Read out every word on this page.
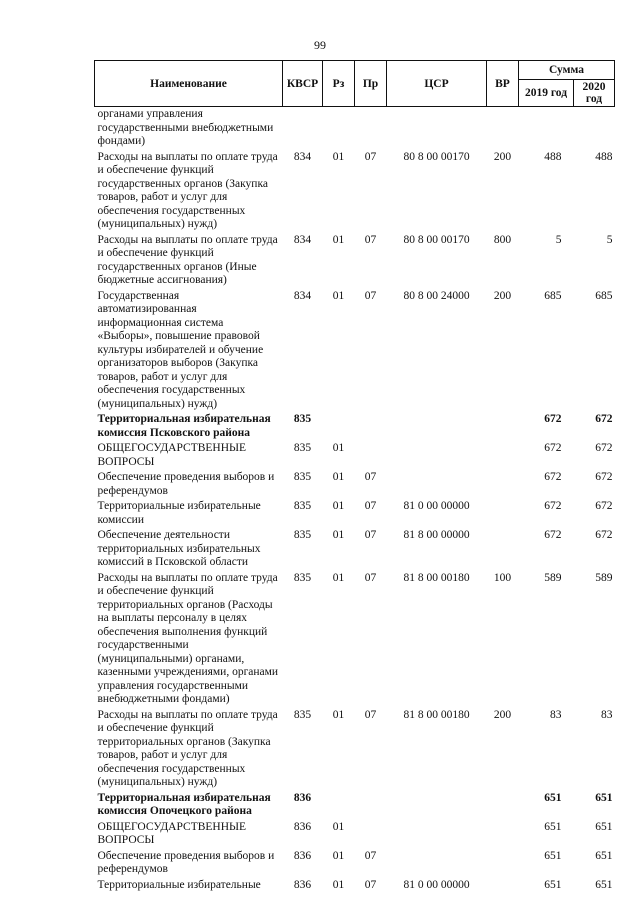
99
Наименование	КВСР	Рз	Пр	ЦСР	ВР	Сумма	
						2019 год	2020 год
органами управления государственными внебюджетными фондами)							
Расходы на выплаты по оплате труда и обеспечение функций государственных органов (Закупка товаров, работ и услуг для обеспечения государственных (муниципальных) нужд)	834	01	07	80 8 00 00170	200	488	488
Расходы на выплаты по оплате труда и обеспечение функций государственных органов (Иные бюджетные ассигнования)	834	01	07	80 8 00 00170	800	5	5
Государственная автоматизированная информационная система «Выборы», повышение правовой культуры избирателей и обучение организаторов выборов (Закупка товаров, работ и услуг для обеспечения государственных (муниципальных) нужд)	834	01	07	80 8 00 24000	200	685	685
Территориальная избирательная комиссия Псковского района	835					672	672
ОБЩЕГОСУДАРСТВЕННЫЕ ВОПРОСЫ	835	01				672	672
Обеспечение проведения выборов и референдумов	835	01	07			672	672
Территориальные избирательные комиссии	835	01	07	81 0 00 00000		672	672
Обеспечение деятельности территориальных избирательных комиссий в Псковской области	835	01	07	81 8 00 00000		672	672
Расходы на выплаты по оплате труда и обеспечение функций территориальных органов (Расходы на выплаты персоналу в целях обеспечения выполнения функций государственными (муниципальными) органами, казенными учреждениями, органами управления государственными внебюджетными фондами)	835	01	07	81 8 00 00180	100	589	589
Расходы на выплаты по оплате труда и обеспечение функций территориальных органов (Закупка товаров, работ и услуг для обеспечения государственных (муниципальных) нужд)	835	01	07	81 8 00 00180	200	83	83
Территориальная избирательная комиссия Опочецкого района	836					651	651
ОБЩЕГОСУДАРСТВЕННЫЕ ВОПРОСЫ	836	01				651	651
Обеспечение проведения выборов и референдумов	836	01	07			651	651
Территориальные избирательные	836	01	07	81 0 00 00000		651	651
